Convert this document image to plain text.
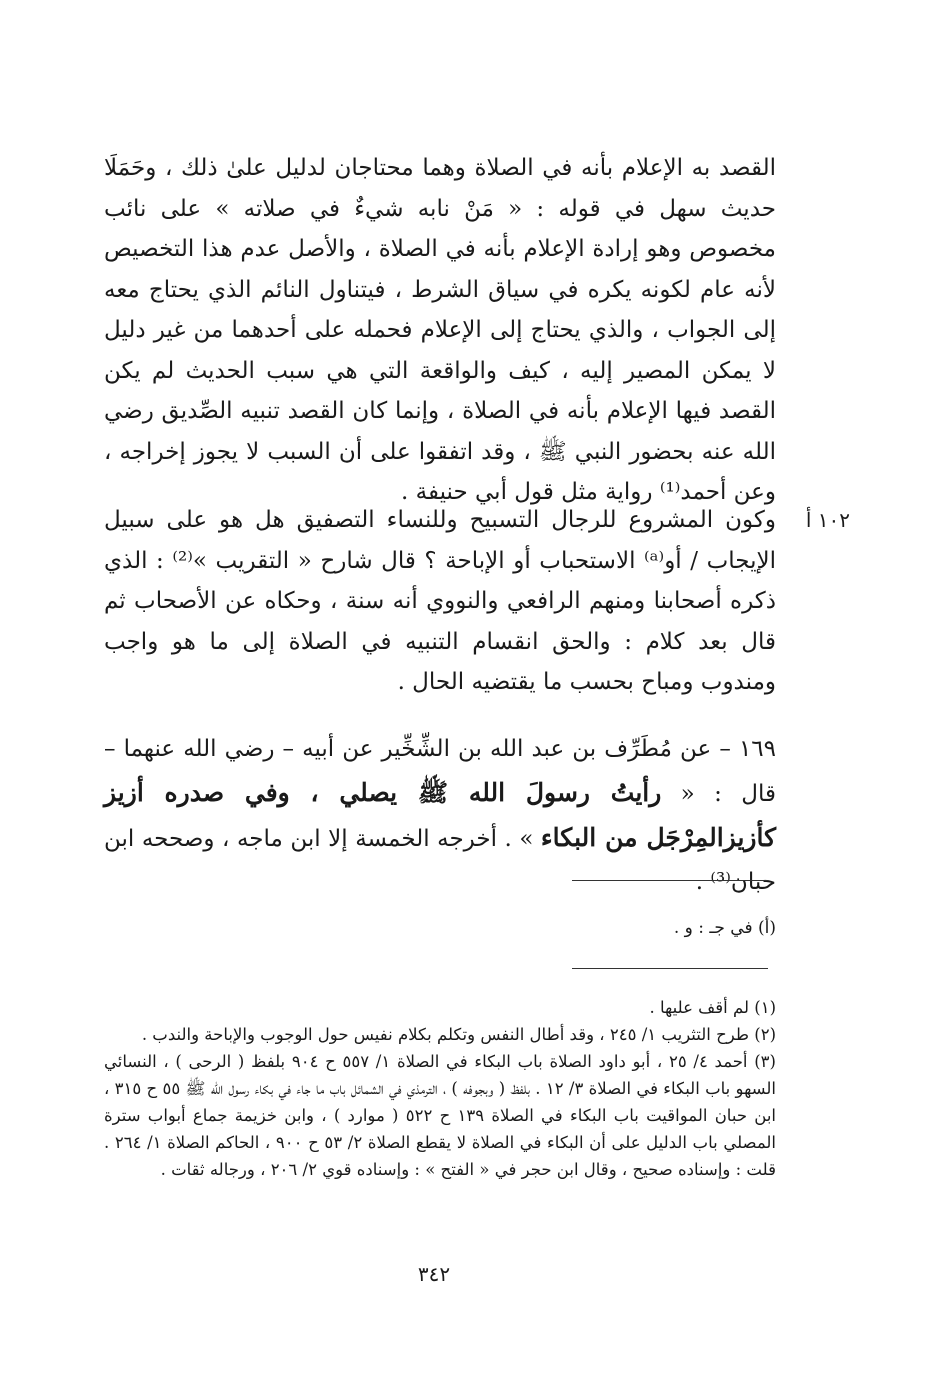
القصد به الإعلام بأنه في الصلاة وهما محتاجان لدليل علىٰ ذلك ، وحَمَلَا حديث سهل في قوله : « مَنْ نابه شيءٌ في صلاته » على نائب مخصوص وهو إرادة الإعلام بأنه في الصلاة ، والأصل عدم هذا التخصيص لأنه عام لكونه يكره في سياق الشرط ، فيتناول النائم الذي يحتاج معه إلى الجواب ، والذي يحتاج إلى الإعلام فحمله على أحدهما من غير دليل لا يمكن المصير إليه ، كيف والواقعة التي هي سبب الحديث لم يكن القصد فيها الإعلام بأنه في الصلاة ، وإنما كان القصد تنبيه الصِّديق رضي الله عنه بحضور النبي ﷺ ، وقد اتفقوا على أن السبب لا يجوز إخراجه ، وعن أحمد⁽¹⁾ رواية مثل قول أبي حنيفة .

١٠٢ أ

وكون المشروع للرجال التسبيح وللنساء التصفيق هل هو على سبيل الإيجاب / أو⁽ᵃ⁾ الاستحباب أو الإباحة ؟ قال شارح « التقريب »⁽²⁾ : الذي ذكره أصحابنا ومنهم الرافعي والنووي أنه سنة ، وحكاه عن الأصحاب ثم قال بعد كلام : والحق انقسام التنبيه في الصلاة إلى ما هو واجب ومندوب ومباح بحسب ما يقتضيه الحال .

١٦٩ – عن مُطَرِّف بن عبد الله بن الشِّخِّير عن أبيه – رضي الله عنهما – قال : « رأيتُ رسولَ الله ﷺ يصلي ، وفي صدره أزيز كأزيزالمِرْجَل من البكاء » . أخرجه الخمسة إلا ابن ماجه ، وصححه ابن حبان⁽³⁾ .

(أ) في جـ : و .

(١) لم أقف عليها .

(٢) طرح التثريب ١/ ٢٤٥ ، وقد أطال النفس وتكلم بكلام نفيس حول الوجوب والإباحة والندب .

(٣) أحمد ٤/ ٢٥ ، أبو داود الصلاة باب البكاء في الصلاة ١/ ٥٥٧ ح ٩٠٤ بلفظ ( الرحى ) ، النسائي السهو باب البكاء في الصلاة ٣/ ١٢ . بلفظ ( وبجوفه ) ، الترمذي في الشمائل باب ما جاء في بكاء رسول الله ﷺ ٥٥ ح ٣١٥ ، ابن حبان المواقيت باب البكاء في الصلاة ١٣٩ ح ٥٢٢ ( موارد ) ، وابن خزيمة جماع أبواب سترة المصلي باب الدليل على أن البكاء في الصلاة لا يقطع الصلاة ٢/ ٥٣ ح ٩٠٠ ، الحاكم الصلاة ١/ ٢٦٤ . قلت : وإسناده صحيح ، وقال ابن حجر في « الفتح » : وإسناده قوي ٢/ ٢٠٦ ، ورجاله ثقات .

٣٤٢
